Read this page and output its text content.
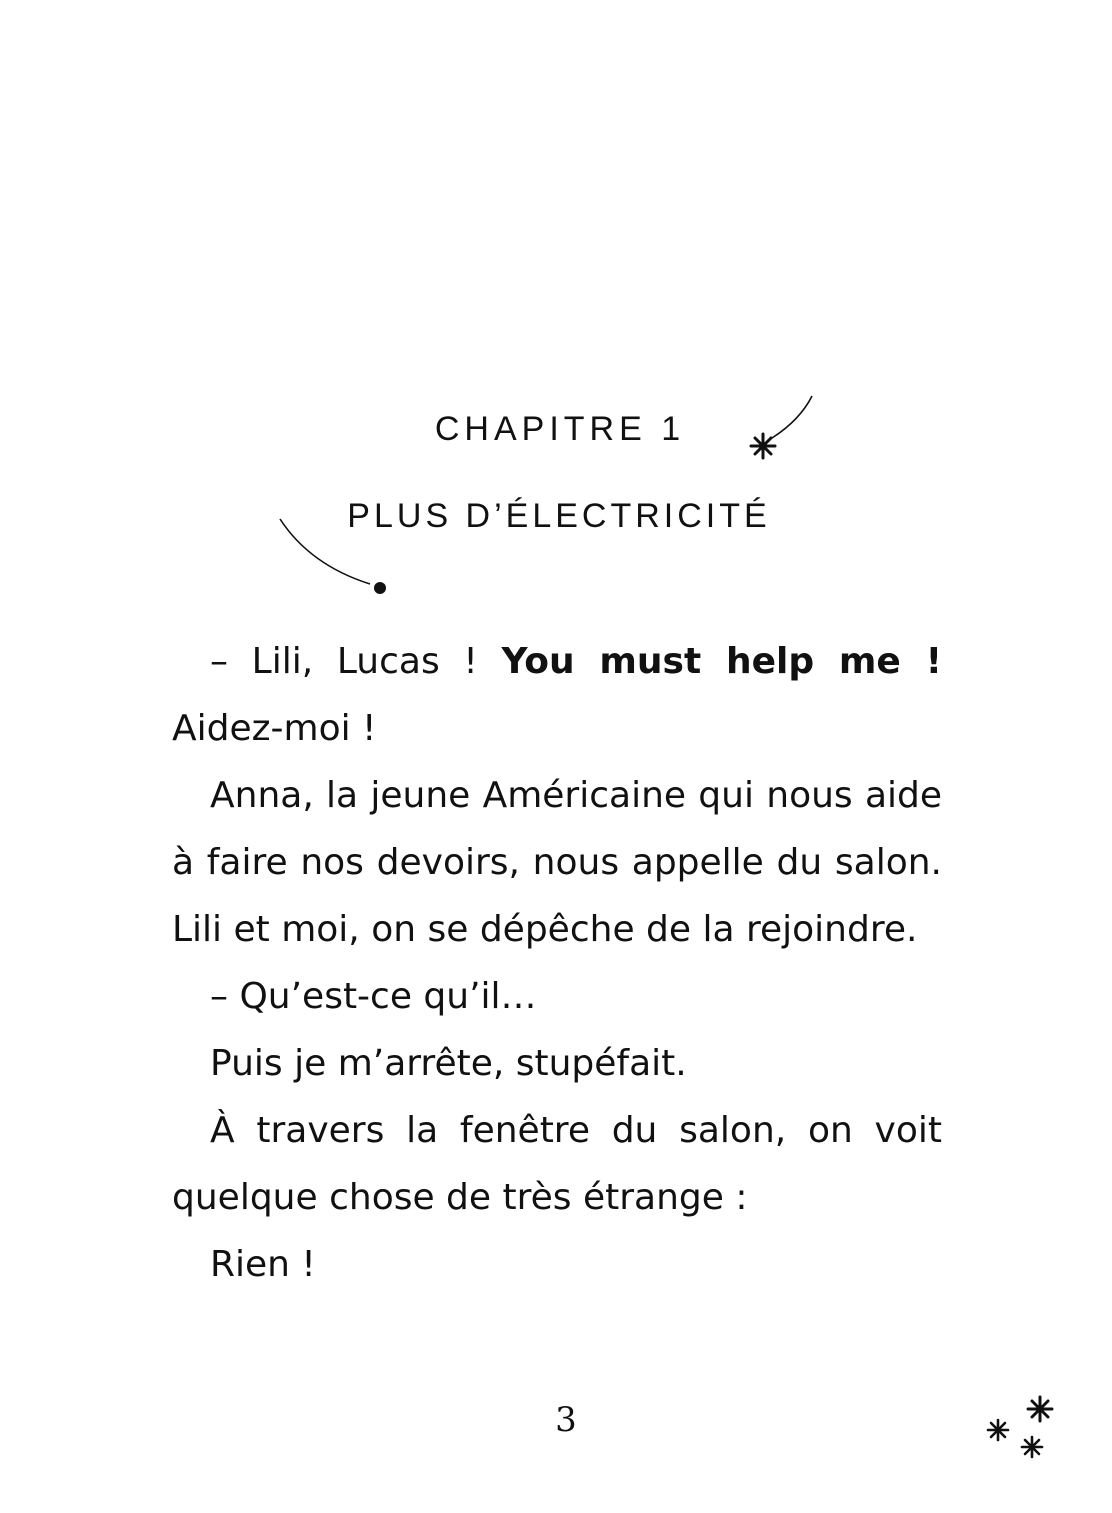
CHAPITRE 1
PLUS D’ÉLECTRICITÉ

– Lili, Lucas ! You must help me ! Aidez-moi !

Anna, la jeune Américaine qui nous aide à faire nos devoirs, nous appelle du salon. Lili et moi, on se dépêche de la rejoindre.

– Qu’est-ce qu’il…

Puis je m’arrête, stupéfait.

À travers la fenêtre du salon, on voit quelque chose de très étrange :

Rien !

3
